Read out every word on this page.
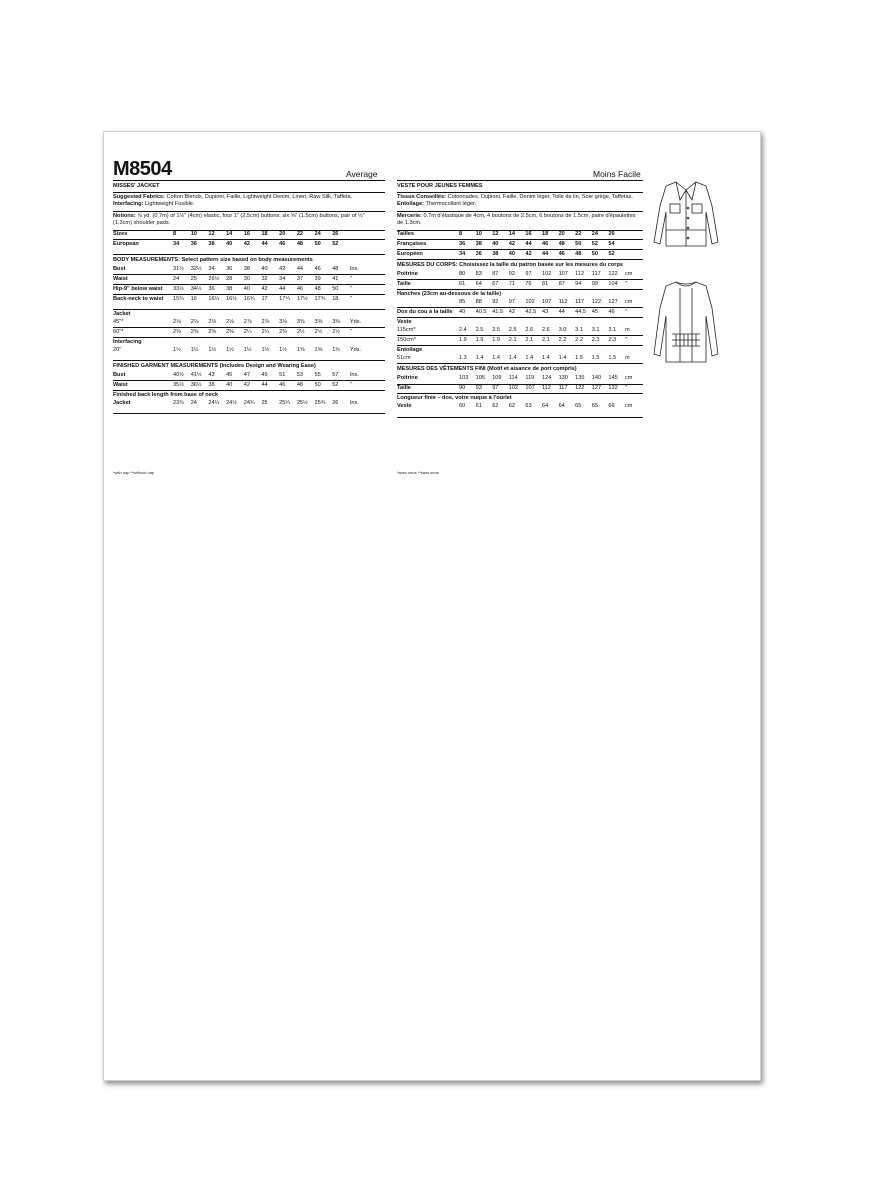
M8504	Average	Moins Facile
MISSES' JACKET
Suggested Fabrics: Cotton Blends, Dupioni, Faille, Lightweight Denim, Linen, Raw Silk, Taffeta.
Interfacing: Lightweight Fusible.
Notions: ⅞ yd. (0.7m) of 1½" (4cm) elastic, four 1" (2.5cm) buttons, six ⅝" (1.5cm) buttons, pair of ½" (1.3cm) shoulder pads.
Sizes	8	10	12	14	16	18	20	22	24	26
European	34	36	38	40	42	44	46	48	50	52
BODY MEASUREMENTS: Select pattern size based on body measurements
Bust	31½	32½	34	36	38	40	42	44	46	48	Ins.
Waist	24	25	26½	28	30	32	34	37	39	41	"
Hip-9" below waist	33½	34½	36	38	40	42	44	46	48	50	"
Back-neck to waist	15¾	16	16¼	16½	16¾	17	17¼	17½	17¾	18	"
Jacket
45"*	2⅛	2⅛	2⅛	2⅛	2⅞	2⅞	3⅛	3⅜	3⅜	3⅜	Yds.
60"*	2⅜	2⅜	2⅜	2⅜	2¼	2¼	2⅜	2½	2½	2½	"
Interfacing
20"	1½	1½	1½	1½	1½	1½	1½	1⅝	1⅝	1¾	Yds.
FINISHED GARMENT MEASUREMENTS (Includes Design and Wearing Ease)
Bust	40½	41½	43	45	47	49	51	53	55	57	Ins.
Waist	35½	36½	38	40	42	44	46	48	50	52	"
Finished back length from base of neck
Jacket	23¾	24	24¼	24½	24¾	25	25¼	25½	25¾	26	Ins.
*with nap **without nap
VESTE POUR JEUNES FEMMES
Tissus Conseillés: Cotonnades, Dupioni, Faille, Denim léger, Toile de lin, Soie grège, Taffetas.
Entoilage: Thermocollant léger.
Mercerie: 0.7m d'élastique de 4cm, 4 boutons de 2.5cm, 6 boutons de 1.5cm, paire d'épaulettes de 1.3cm.
Tailles	8	10	12	14	16	18	20	22	24	26
Françaises	36	38	40	42	44	46	48	50	52	54
Européen	34	36	38	40	42	44	46	48	50	52
MESURES DU CORPS: Choisissez la taille du patron basée sur les mesures du corps
Poitrine	80	83	87	92	97	102	107	112	117	122	cm
Taille	61	64	67	71	76	81	87	94	99	104	"
Hanches (23cm au-dessous de la taille)
85	88	92	97	102	107	112	117	122	127	cm
Dos du cou à la taille	40	40.5	41.5	42	42.5	43	44	44.5	45	46	"
Veste
115cm*	2.4	2.5	2.5	2.5	2.6	2.6	3.0	3.1	3.1	3.1	m
150cm*	1.9	1.9	1.9	2.1	2.1	2.1	2.2	2.2	2.3	2.3	"
Entoilage
51cm	1.3	1.4	1.4	1.4	1.4	1.4	1.4	1.5	1.5	1.5	m
MESURES DES VÊTEMENTS FINI (Motif et aisance de port compris)
Poitrine	103	105	109	114	119	124	130	135	140	145	cm
Taille	90	93	97	102	107	112	117	122	127	132	"
Longueur finie – dos, votre nuque à l'ourlet
Veste	60	61	62	62	63	64	64	65	65	66	cm
*avec sens **sans sens
